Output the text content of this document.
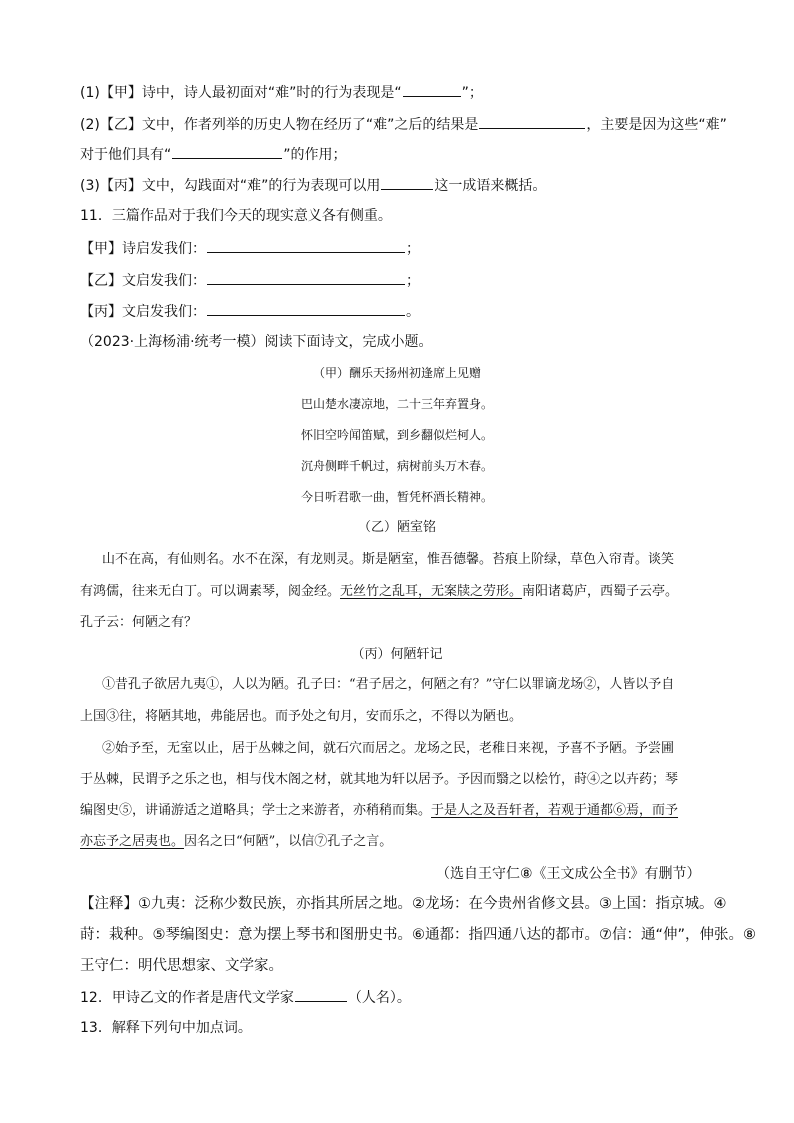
(1)【甲】诗中，诗人最初面对“难”时的行为表现是“	”；
(2)【乙】文中，作者列举的历史人物在经历了“难”之后的结果是	，主要是因为这些“难”
对于他们具有“	”的作用；
(3)【丙】文中，勾践面对“难”的行为表现可以用	这一成语来概括。
11．三篇作品对于我们今天的现实意义各有侧重。
【甲】诗启发我们：	；
【乙】文启发我们：	；
【丙】文启发我们：	。
（2023·上海杨浦·统考一模）阅读下面诗文，完成小题。
（甲）酬乐天扬州初逢席上见赠
巴山楚水凄凉地，二十三年弃置身。
怀旧空吟闻笛赋，到乡翻似烂柯人。
沉舟侧畔千帆过，病树前头万木春。
今日听君歌一曲，暂凭杯酒长精神。
（乙）陋室铭
山不在高，有仙则名。水不在深，有龙则灵。斯是陋室，惟吾德馨。苔痕上阶绿，草色入帘青。谈笑
有鸿儒，往来无白丁。可以调素琴，阅金经。无丝竹之乱耳，无案牍之劳形。南阳诸葛庐，西蜀子云亭。
孔子云：何陋之有？
（丙）何陋轩记
①昔孔子欲居九夷①，人以为陋。孔子曰：“君子居之，何陋之有？”守仁以罪谪龙场②，人皆以予自
上国③往，将陋其地，弗能居也。而予处之旬月，安而乐之，不得以为陋也。
②始予至，无室以止，居于丛棘之间，就石穴而居之。龙场之民，老稚日来视，予喜不予陋。予尝圃
于丛棘，民谓予之乐之也，相与伐木阁之材，就其地为轩以居予。予因而翳之以桧竹，莳④之以卉药；琴
编图史⑤，讲诵游适之道略具；学士之来游者，亦稍稍而集。于是人之及吾轩者，若观于通都⑥焉，而予
亦忘予之居夷也。因名之曰“何陋”，以信⑦孔子之言。
（选自王守仁⑧《王文成公全书》有删节）
【注释】①九夷：泛称少数民族，亦指其所居之地。②龙场：在今贵州省修文县。③上国：指京城。④
莳：栽种。⑤琴编图史：意为摆上琴书和图册史书。⑥通都：指四通八达的都市。⑦信：通“伸”，伸张。⑧
王守仁：明代思想家、文学家。
12．甲诗乙文的作者是唐代文学家	（人名）。
13．解释下列句中加点词。
